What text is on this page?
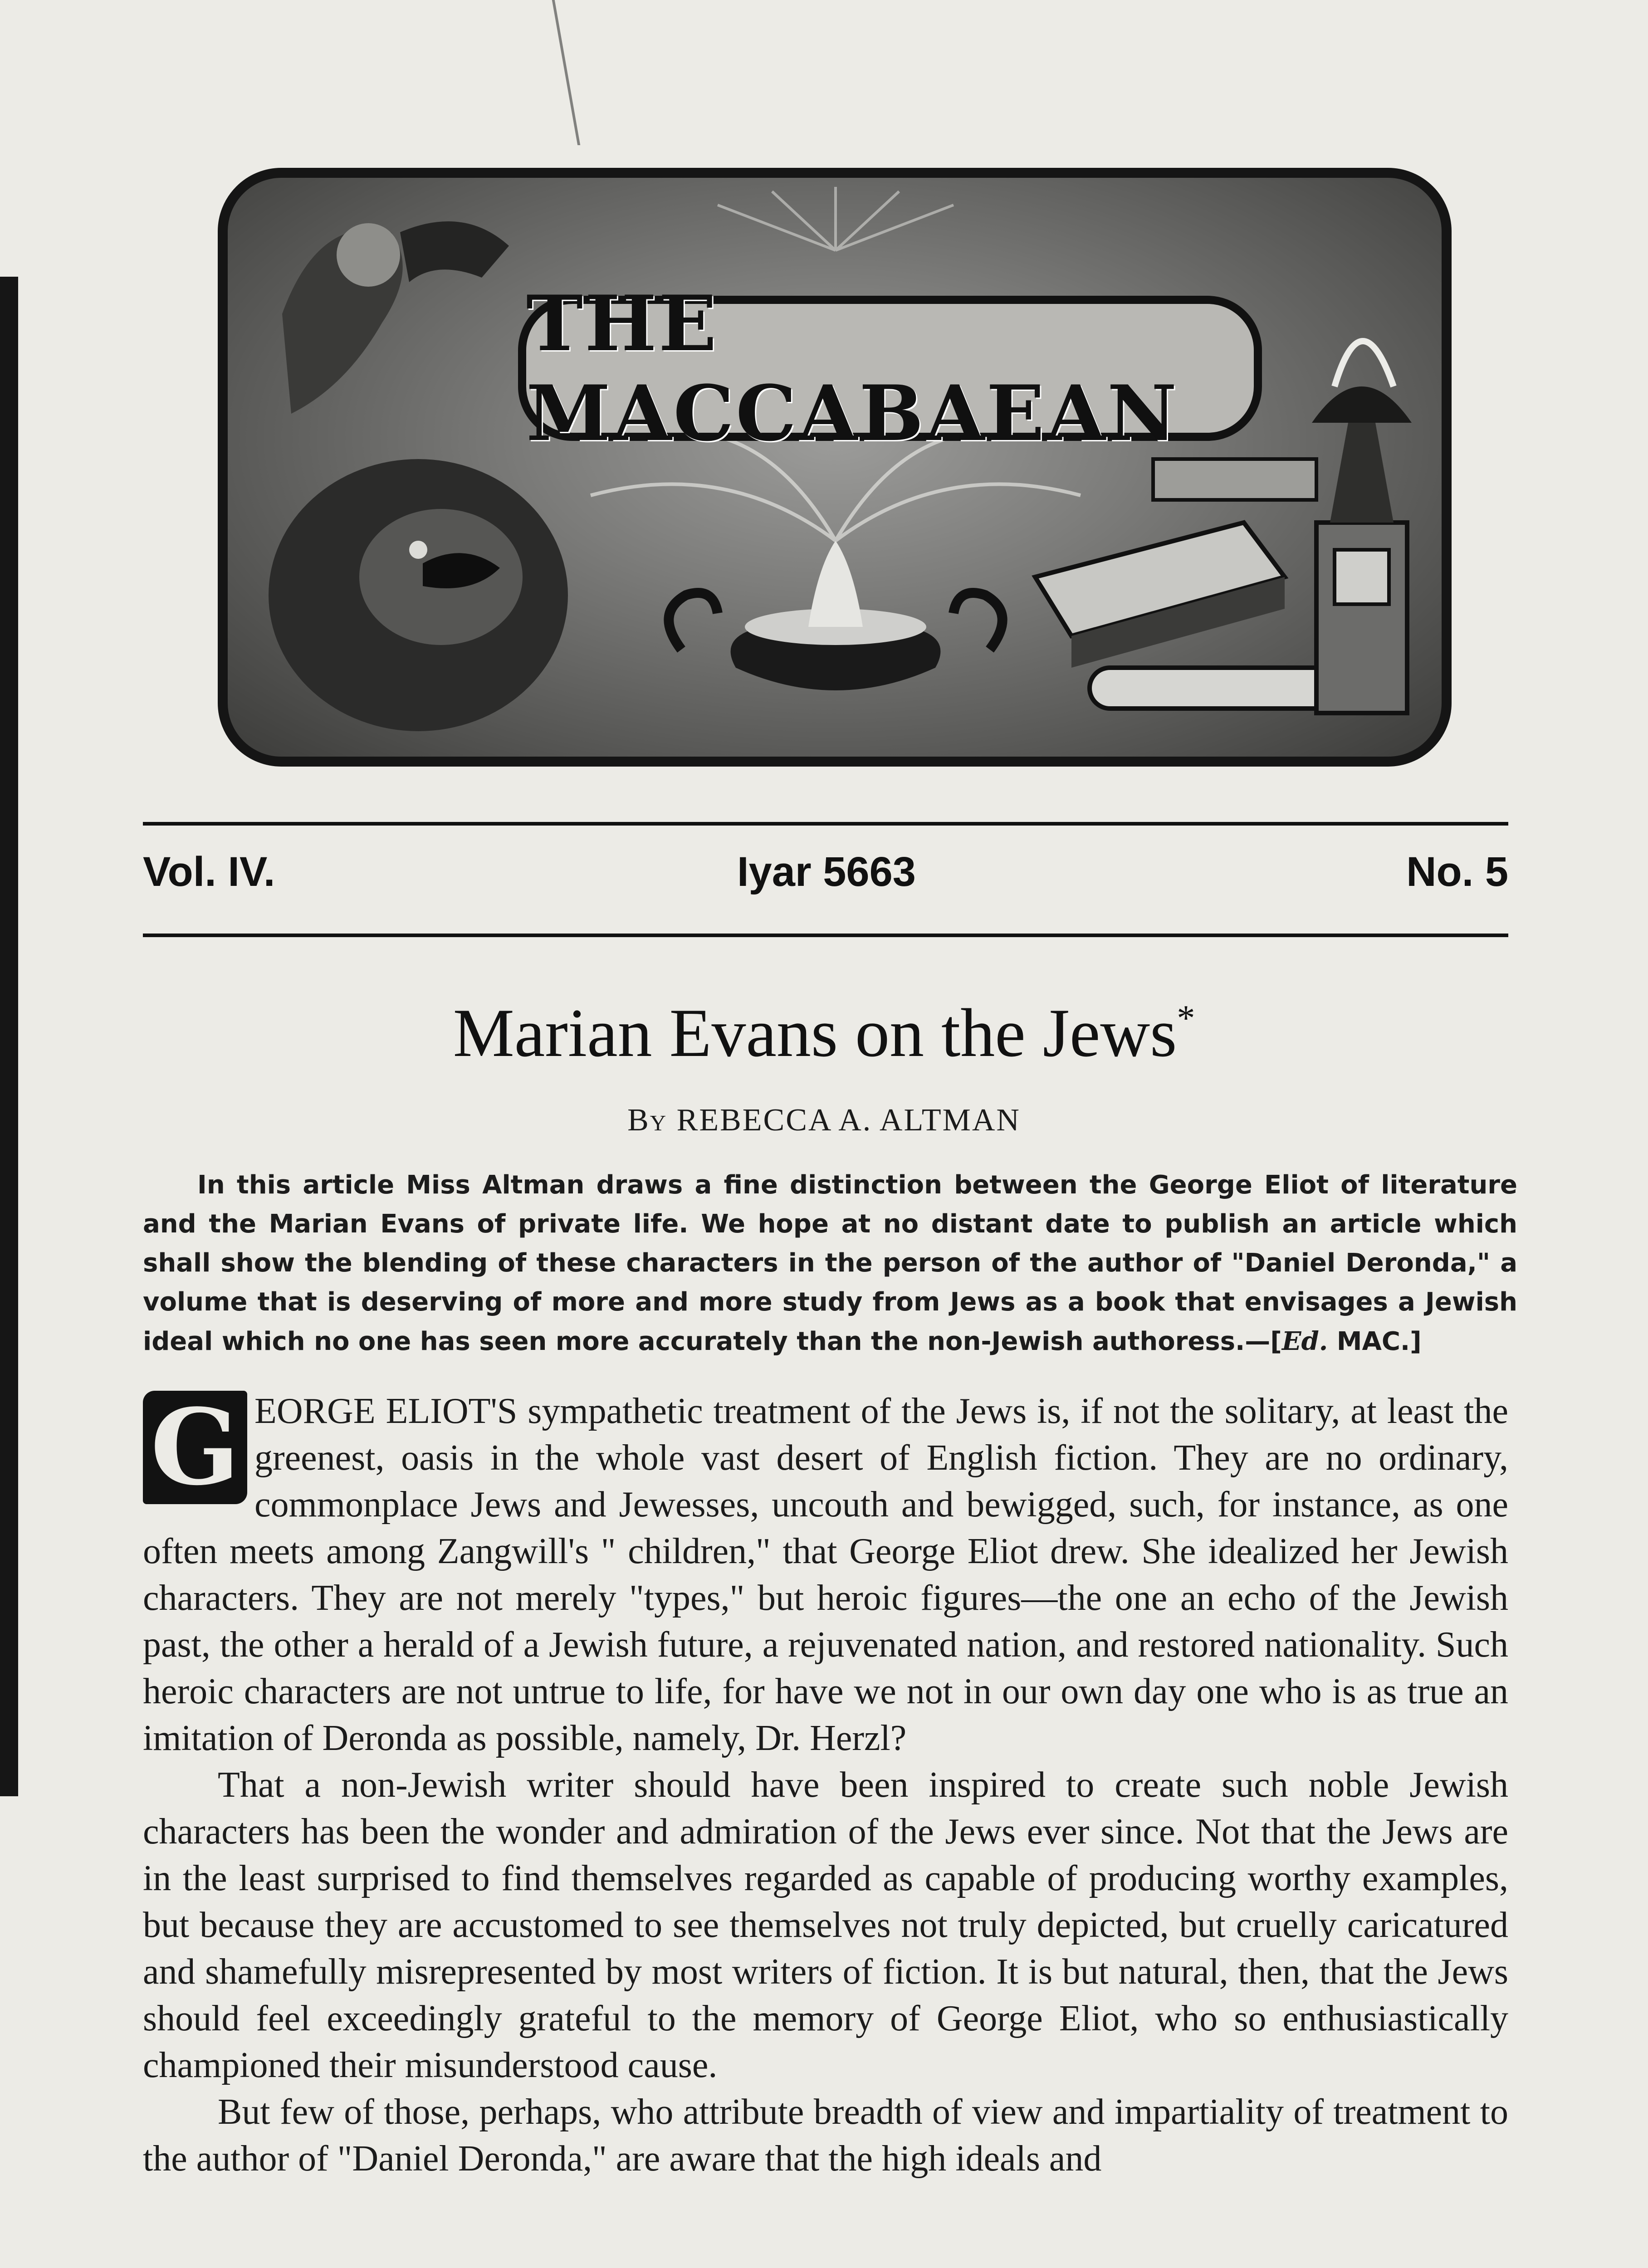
THE MACCABAEAN
Vol. IV.	Iyar 5663	No. 5
Marian Evans on the Jews*
By REBECCA A. ALTMAN

In this article Miss Altman draws a fine distinction between the George Eliot of literature and the Marian Evans of private life. We hope at no distant date to publish an article which shall show the blending of these characters in the person of the author of "Daniel Deronda," a volume that is deserving of more and more study from Jews as a book that envisages a Jewish ideal which no one has seen more accurately than the non-Jewish authoress.—[Ed. MAC.]

G EORGE ELIOT'S sympathetic treatment of the Jews is, if not the solitary, at least the greenest, oasis in the whole vast desert of English fiction. They are no ordinary, commonplace Jews and Jewesses, uncouth and bewigged, such, for instance, as one often meets among Zangwill's " children," that George Eliot drew. She idealized her Jewish characters. They are not merely "types," but heroic figures—the one an echo of the Jewish past, the other a herald of a Jewish future, a rejuvenated nation, and restored nationality. Such heroic characters are not untrue to life, for have we not in our own day one who is as true an imitation of Deronda as possible, namely, Dr. Herzl?

That a non-Jewish writer should have been inspired to create such noble Jewish characters has been the wonder and admiration of the Jews ever since. Not that the Jews are in the least surprised to find themselves regarded as capable of producing worthy examples, but because they are accustomed to see themselves not truly depicted, but cruelly caricatured and shamefully misrepresented by most writers of fiction. It is but natural, then, that the Jews should feel exceedingly grateful to the memory of George Eliot, who so enthusiastically championed their misunderstood cause.

But few of those, perhaps, who attribute breadth of view and impartiality of treatment to the author of "Daniel Deronda," are aware that the high ideals and
